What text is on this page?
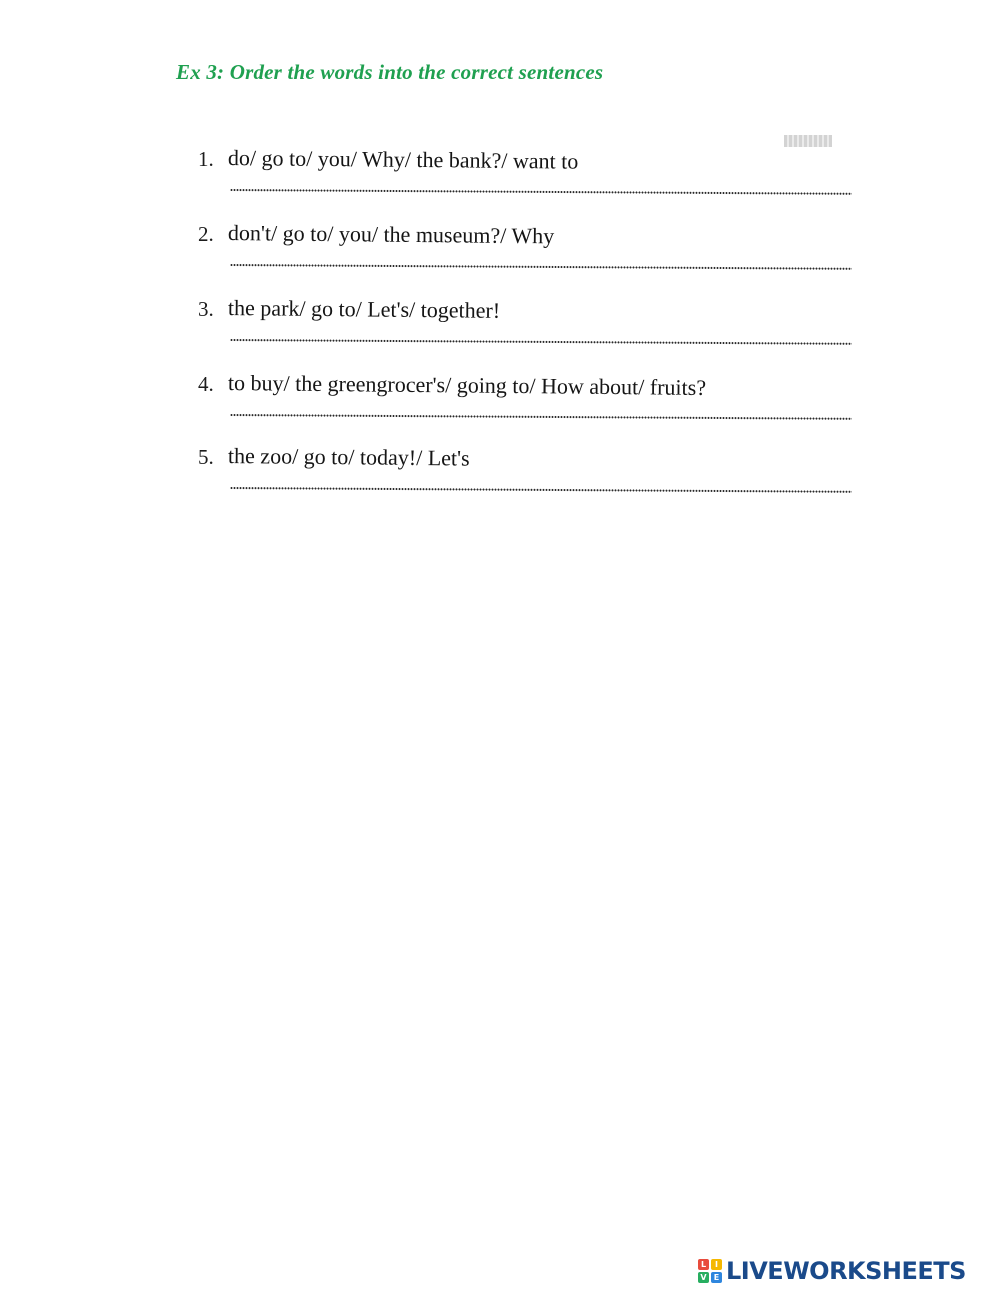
Ex 3: Order the words into the correct sentences
1. do/ go to/ you/ Why/ the bank?/ want to
2. don't/ go to/ you/ the museum?/ Why
3. the park/ go to/ Let's/ together!
4. to buy/ the greengrocer's/ going to/ How about/ fruits?
5. the zoo/ go to/ today!/ Let's
L	I
V E LIVEWORKSHEETS
